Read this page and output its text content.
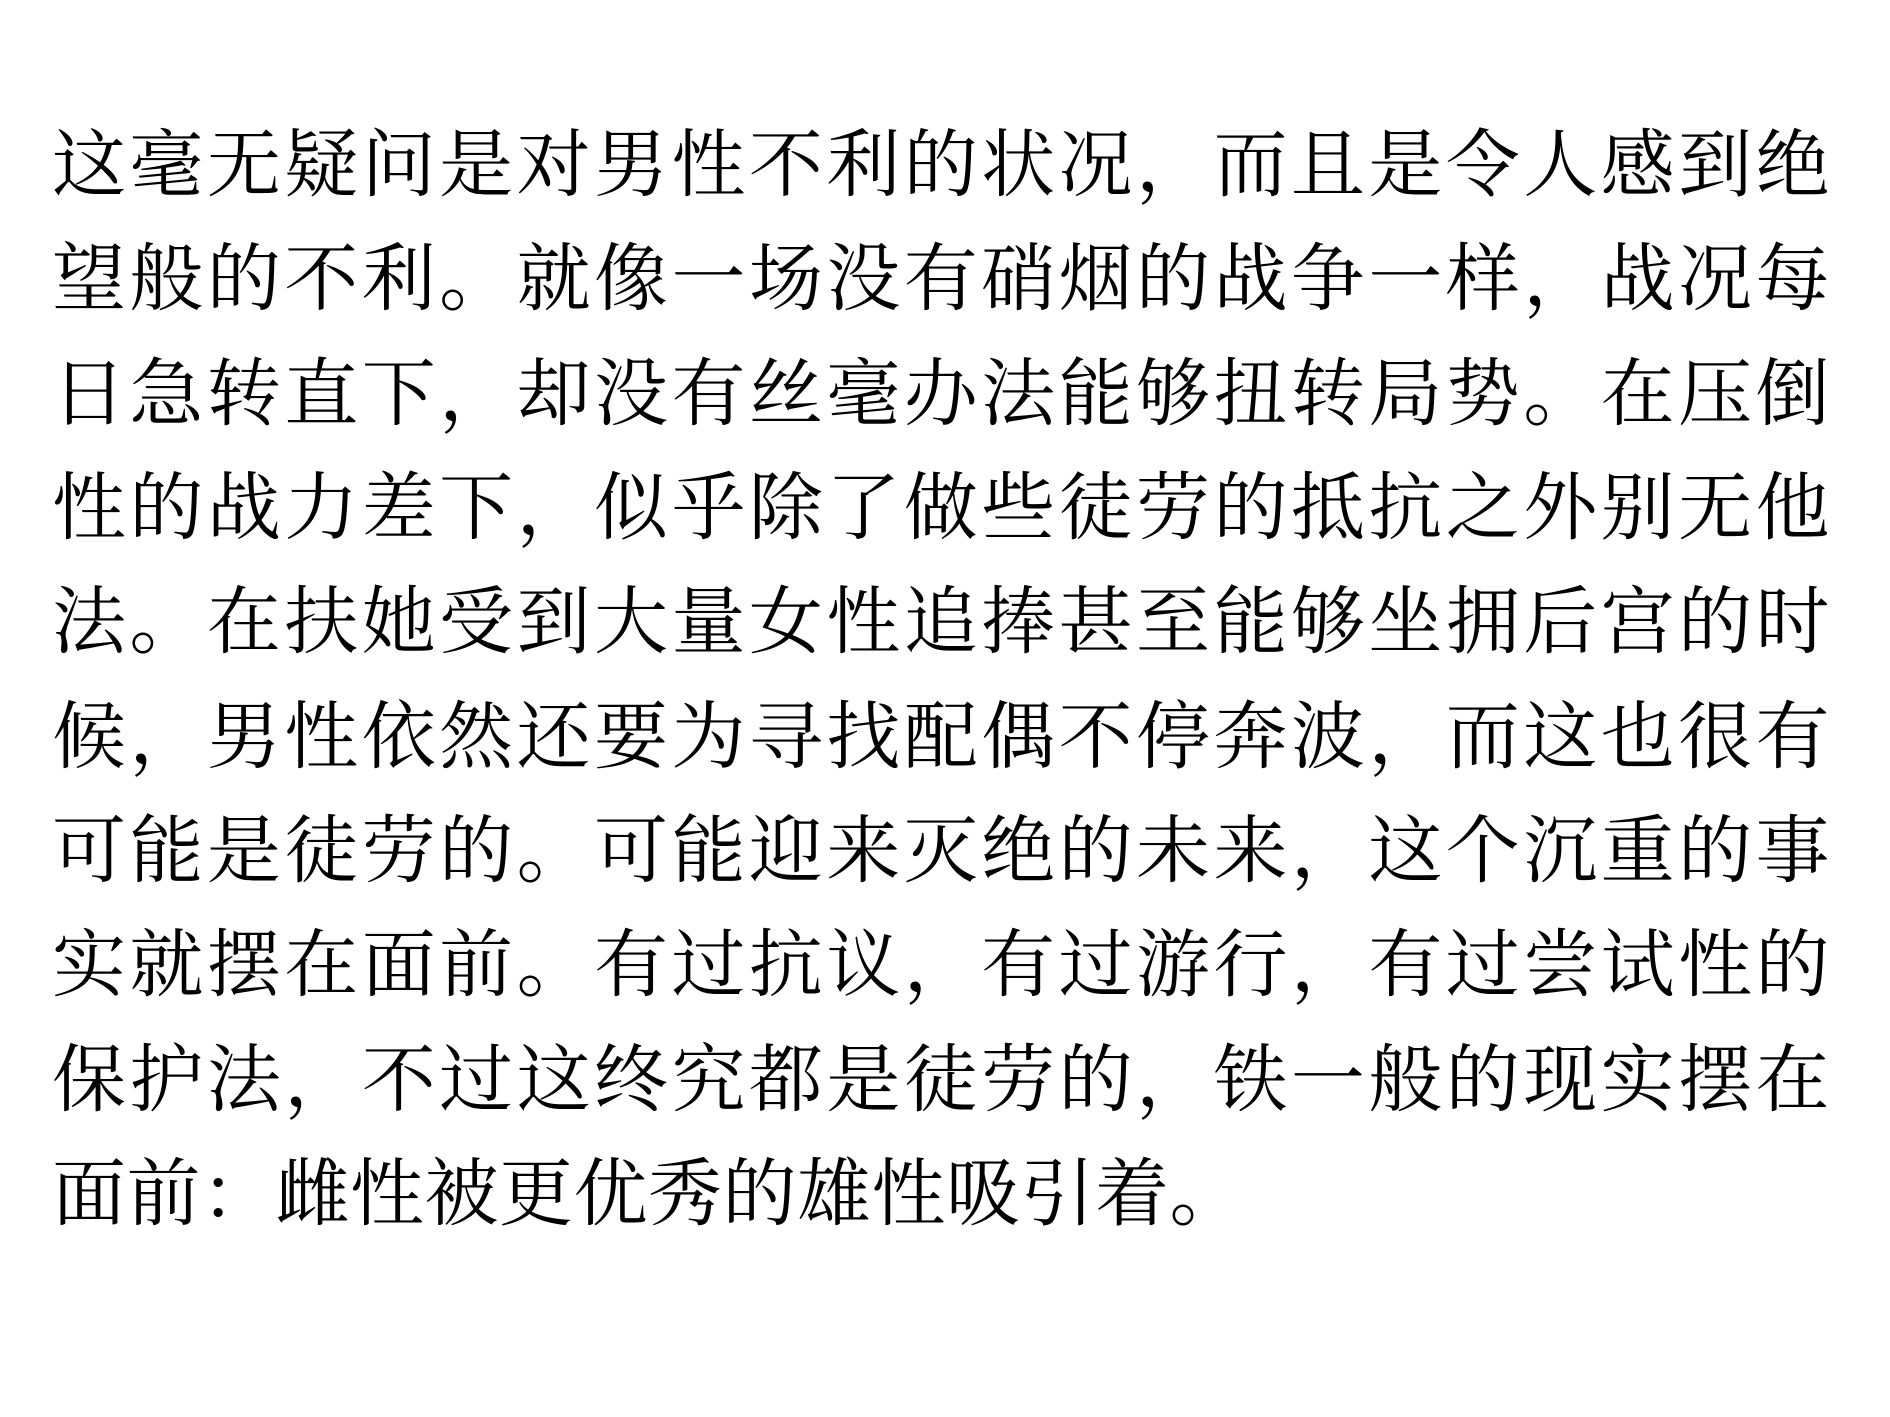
这毫无疑问是对男性不利的状况，而且是令人感到绝望般的不利。就像一场没有硝烟的战争一样，战况每日急转直下，却没有丝毫办法能够扭转局势。在压倒性的战力差下，似乎除了做些徒劳的抵抗之外别无他法。在扶她受到大量女性追捧甚至能够坐拥后宫的时候，男性依然还要为寻找配偶不停奔波，而这也很有可能是徒劳的。可能迎来灭绝的未来，这个沉重的事实就摆在面前。有过抗议，有过游行，有过尝试性的保护法，不过这终究都是徒劳的，铁一般的现实摆在面前：雌性被更优秀的雄性吸引着。
